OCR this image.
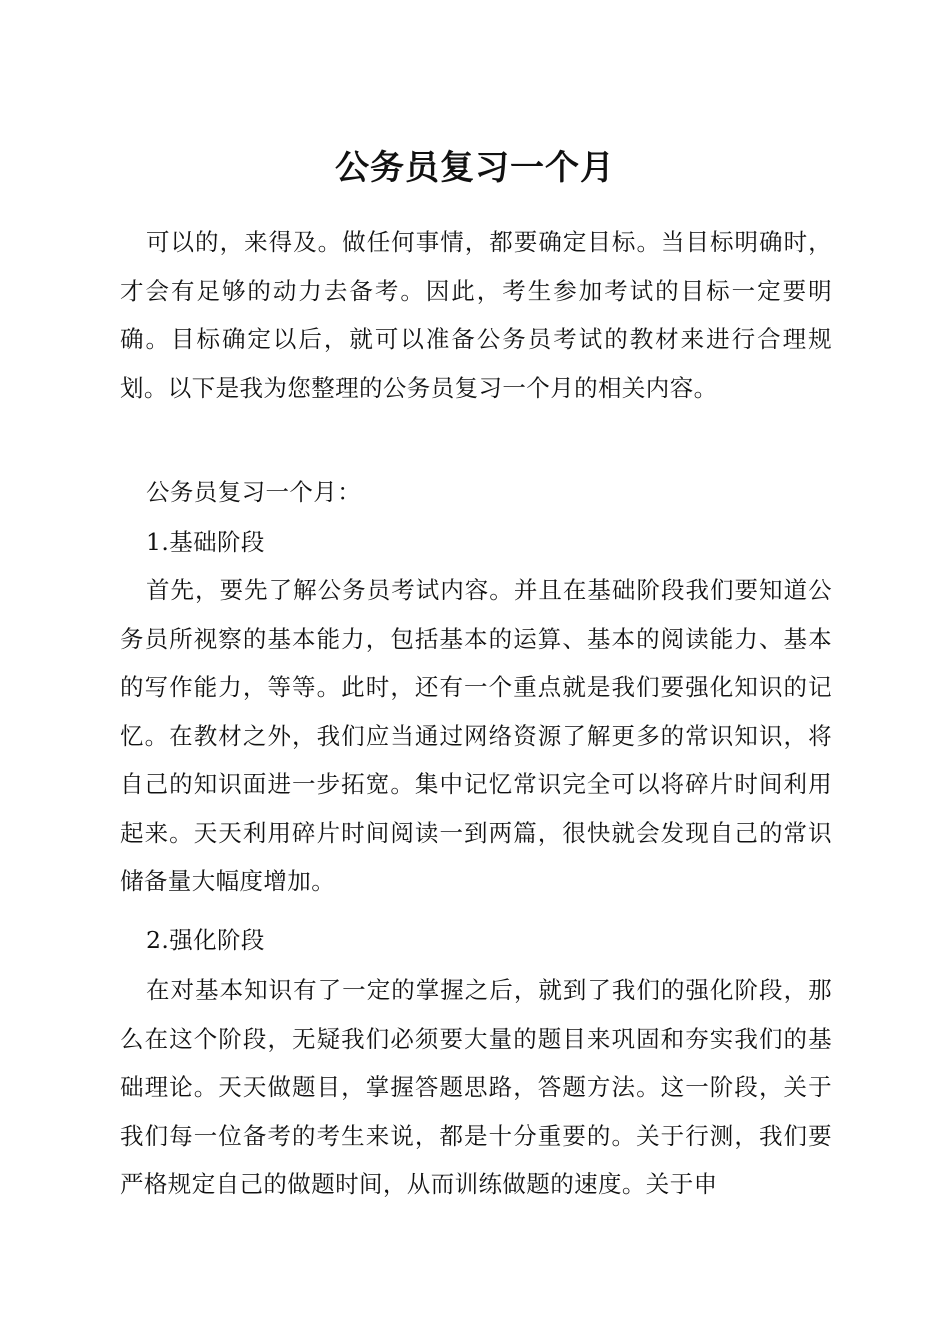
公务员复习一个月

可以的，来得及。做任何事情，都要确定目标。当目标明确时，才会有足够的动力去备考。因此，考生参加考试的目标一定要明确。目标确定以后，就可以准备公务员考试的教材来进行合理规划。以下是我为您整理的公务员复习一个月的相关内容。

公务员复习一个月：

1.基础阶段

首先，要先了解公务员考试内容。并且在基础阶段我们要知道公务员所视察的基本能力，包括基本的运算、基本的阅读能力、基本的写作能力，等等。此时，还有一个重点就是我们要强化知识的记忆。在教材之外，我们应当通过网络资源了解更多的常识知识，将自己的知识面进一步拓宽。集中记忆常识完全可以将碎片时间利用起来。天天利用碎片时间阅读一到两篇，很快就会发现自己的常识储备量大幅度增加。

2.强化阶段

在对基本知识有了一定的掌握之后，就到了我们的强化阶段，那么在这个阶段，无疑我们必须要大量的题目来巩固和夯实我们的基础理论。天天做题目，掌握答题思路，答题方法。这一阶段，关于我们每一位备考的考生来说，都是十分重要的。关于行测，我们要严格规定自己的做题时间，从而训练做题的速度。关于申
